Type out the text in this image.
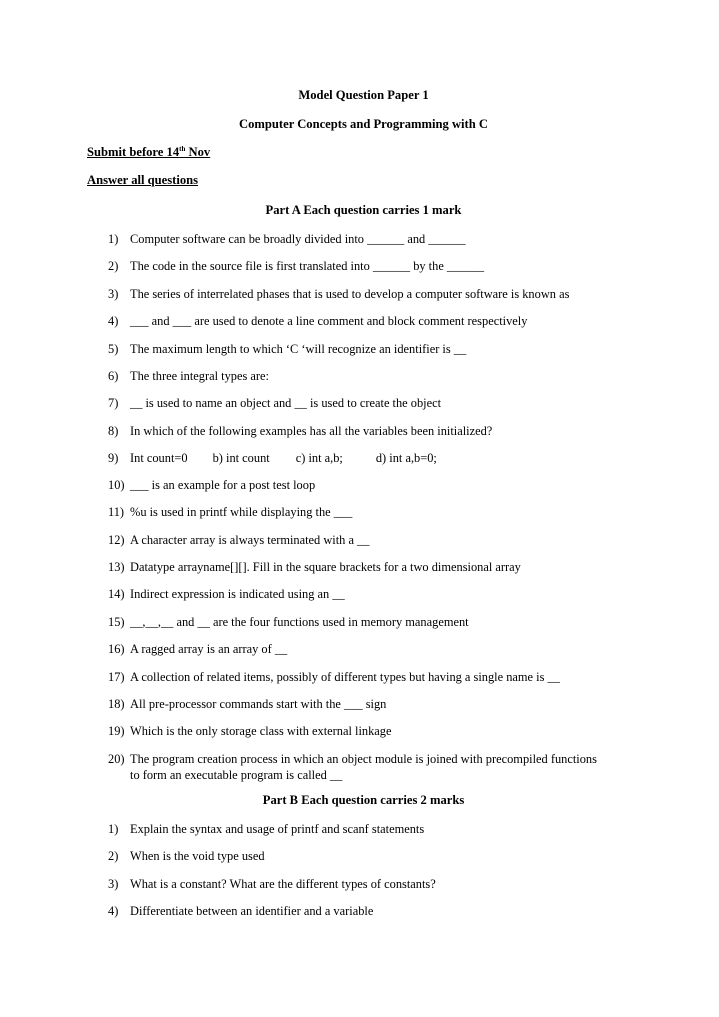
Model Question Paper 1
Computer Concepts and Programming with C
Submit before 14th Nov
Answer all questions
Part A Each question carries 1 mark
1) Computer software can be broadly divided into ______ and ______
2) The code in the source file is first translated into ______ by the ______
3) The series of interrelated phases that is used to develop a computer software is known as
4) ___ and ___ are used to denote a line comment and block comment respectively
5) The maximum length to which ‘C ‘will recognize an identifier is __
6) The three integral types are:
7) __ is used to name an object and __ is used to create the object
8) In which of the following examples has all the variables been initialized?
9) Int count=0 b) int count c) int a,b;	d) int a,b=0;
10) ___ is an example for a post test loop
11) %u is used in printf while displaying the ___
12) A character array is always terminated with a __
13) Datatype arrayname[][]. Fill in the square brackets for a two dimensional array
14) Indirect expression is indicated using an __
15) __,__,__ and __ are the four functions used in memory management
16) A ragged array is an array of __
17) A collection of related items, possibly of different types but having a single name is __
18) All pre-processor commands start with the ___ sign
19) Which is the only storage class with external linkage
20) The program creation process in which an object module is joined with precompiled functions
to form an executable program is called __
Part B Each question carries 2 marks
1) Explain the syntax and usage of printf and scanf statements
2) When is the void type used
3) What is a constant? What are the different types of constants?
4) Differentiate between an identifier and a variable
